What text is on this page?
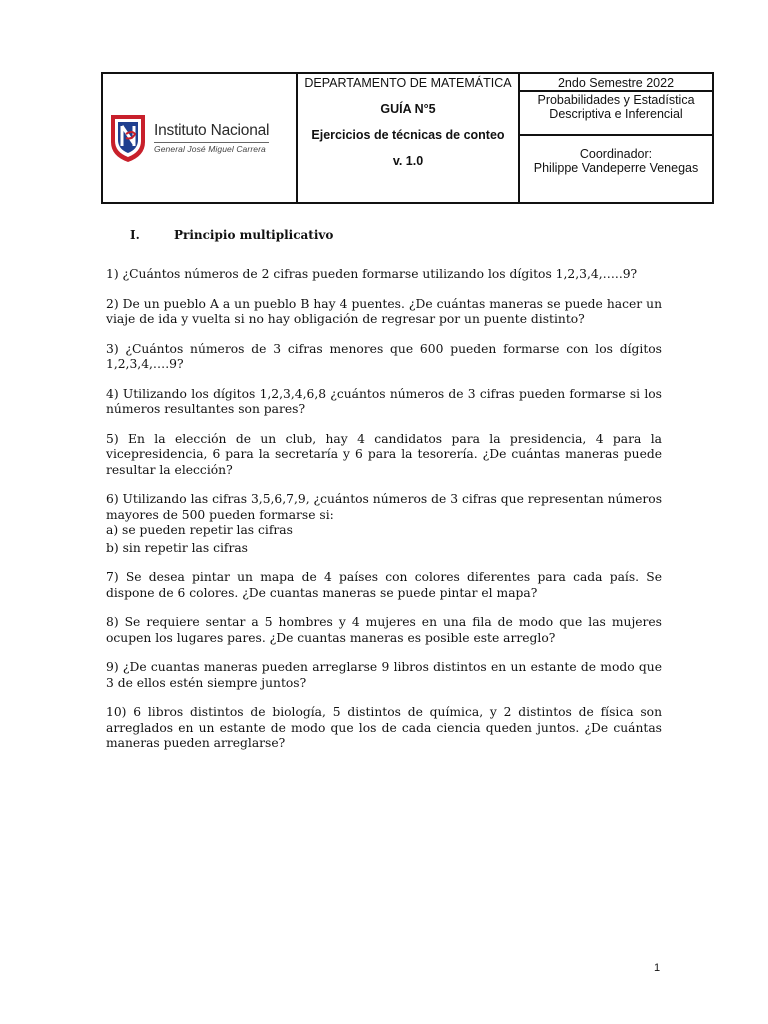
Instituto Nacional
General José Miguel Carrera
DEPARTAMENTO DE MATEMÁTICA
GUÍA N°5
Ejercicios de técnicas de conteo
v. 1.0
2ndo Semestre 2022
Probabilidades y Estadística Descriptiva e Inferencial
Coordinador:
Philippe Vandeperre Venegas
I.	Principio multiplicativo

1) ¿Cuántos números de 2 cifras pueden formarse utilizando los dígitos 1,2,3,4,…..9?

2) De un pueblo A a un pueblo B hay 4 puentes. ¿De cuántas maneras se puede hacer un viaje de ida y vuelta si no hay obligación de regresar por un puente distinto?

3) ¿Cuántos números de 3 cifras menores que 600 pueden formarse con los dígitos 1,2,3,4,….9?

4) Utilizando los dígitos 1,2,3,4,6,8 ¿cuántos números de 3 cifras pueden formarse si los números resultantes son pares?

5) En la elección de un club, hay 4 candidatos para la presidencia, 4 para la vicepresidencia, 6 para la secretaría y 6 para la tesorería. ¿De cuántas maneras puede resultar la elección?

6) Utilizando las cifras 3,5,6,7,9, ¿cuántos números de 3 cifras que representan números mayores de 500 pueden formarse si:

a) se pueden repetir las cifras

b) sin repetir las cifras

7) Se desea pintar un mapa de 4 países con colores diferentes para cada país. Se dispone de 6 colores. ¿De cuantas maneras se puede pintar el mapa?

8) Se requiere sentar a 5 hombres y 4 mujeres en una fila de modo que las mujeres ocupen los lugares pares. ¿De cuantas maneras es posible este arreglo?

9) ¿De cuantas maneras pueden arreglarse 9 libros distintos en un estante de modo que 3 de ellos estén siempre juntos?

10) 6 libros distintos de biología, 5 distintos de química, y 2 distintos de física son arreglados en un estante de modo que los de cada ciencia queden juntos. ¿De cuántas maneras pueden arreglarse?

1
